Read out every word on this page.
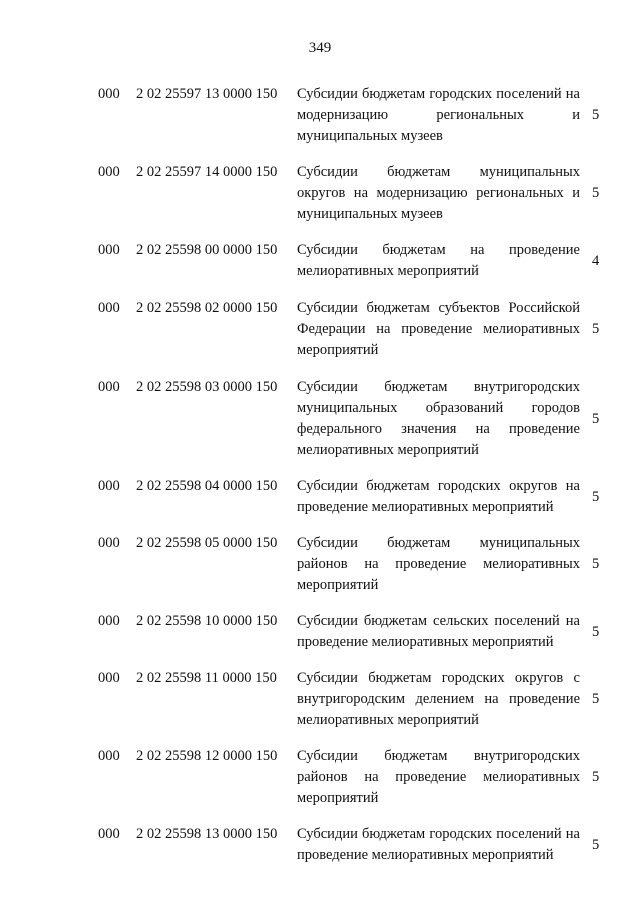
349
000 2 02 25597 13 0000 150 Субсидии бюджетам городских поселений на модернизацию региональных и муниципальных музеев
5
000 2 02 25597 14 0000 150 Субсидии бюджетам муниципальных округов на модернизацию региональных и муниципальных музеев
5
000 2 02 25598 00 0000 150 Субсидии бюджетам на проведение мелиоративных мероприятий
4
000 2 02 25598 02 0000 150 Субсидии бюджетам субъектов Российской Федерации на проведение мелиоративных мероприятий
5
000 2 02 25598 03 0000 150 Субсидии бюджетам внутригородских муниципальных образований городов федерального значения на проведение мелиоративных мероприятий
5
000 2 02 25598 04 0000 150 Субсидии бюджетам городских округов на проведение мелиоративных мероприятий
5
000 2 02 25598 05 0000 150 Субсидии бюджетам муниципальных районов на проведение мелиоративных мероприятий
5
000 2 02 25598 10 0000 150 Субсидии бюджетам сельских поселений на проведение мелиоративных мероприятий
5
000 2 02 25598 11 0000 150 Субсидии бюджетам городских округов с внутригородским делением на проведение мелиоративных мероприятий
5
000 2 02 25598 12 0000 150 Субсидии бюджетам внутригородских районов на проведение мелиоративных мероприятий
5
000 2 02 25598 13 0000 150 Субсидии бюджетам городских поселений на проведение мелиоративных мероприятий
5
